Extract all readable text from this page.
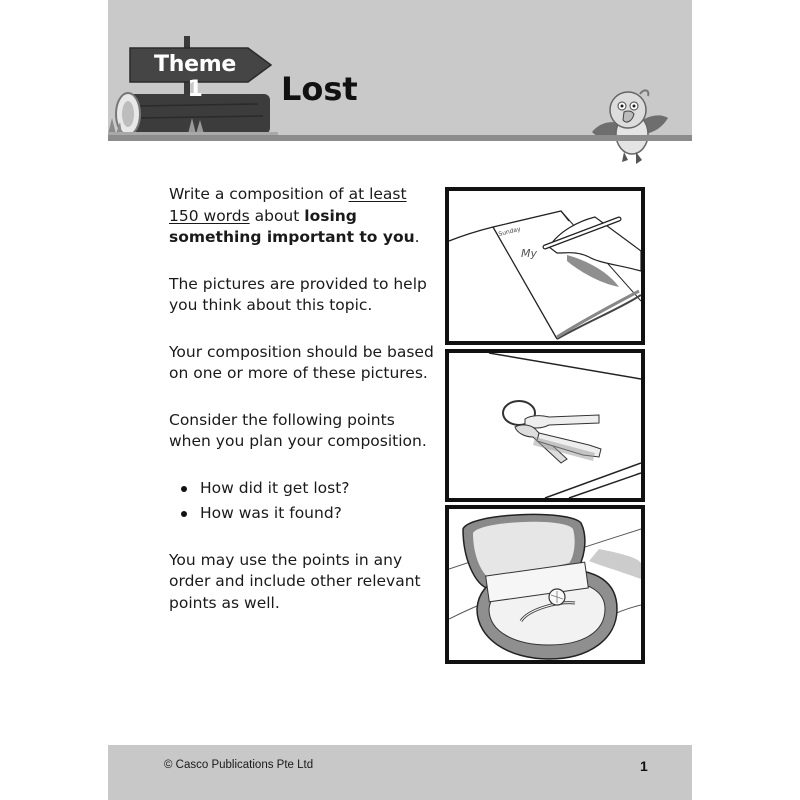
Theme 1	Lost

Write a composition of at least 150 words about losing something important to you.

The pictures are provided to help you think about this topic.

Your composition should be based on one or more of these pictures.

Consider the following points when you plan your composition.

How did it get lost?
How was it found?

You may use the points in any order and include other relevant points as well.

Sunday
My
© Casco Publications Pte Ltd	1
